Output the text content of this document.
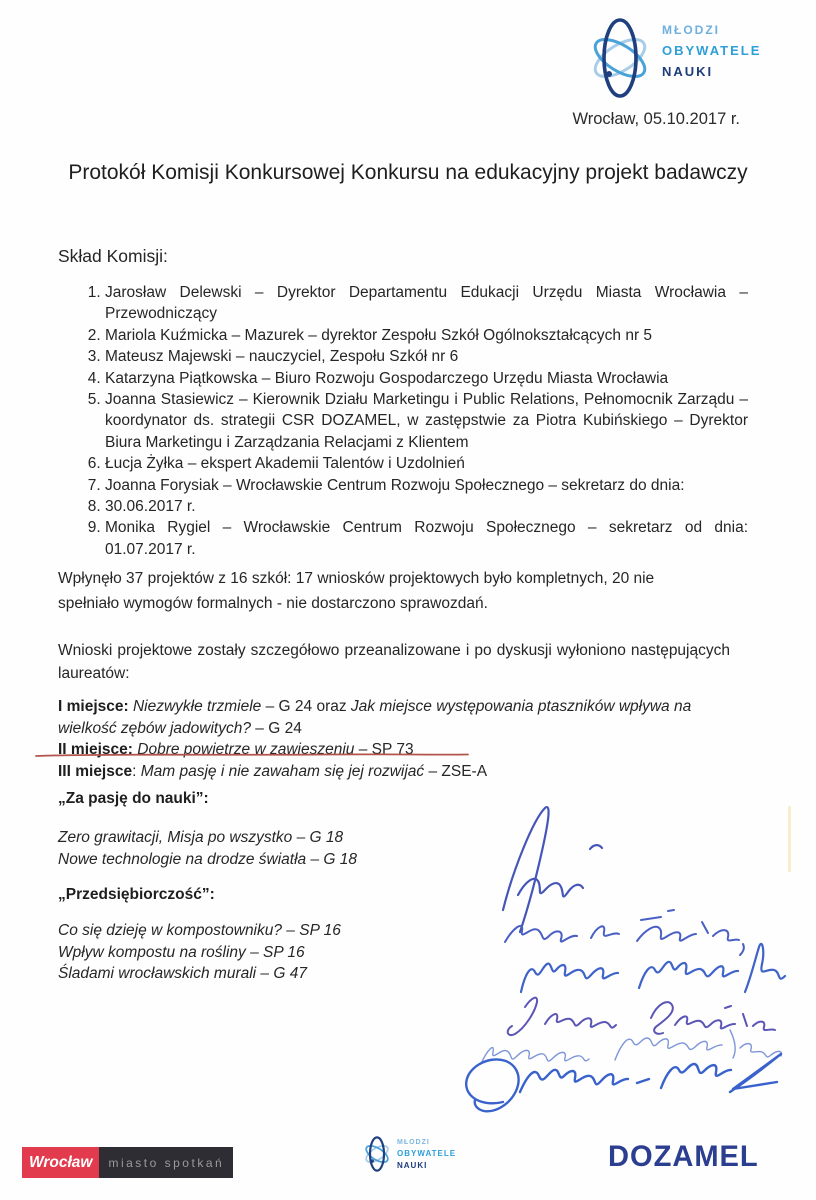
MŁODZI
OBYWATELE
NAUKI
Wrocław, 05.10.2017 r.
Protokół Komisji Konkursowej Konkursu na edukacyjny projekt badawczy
Skład Komisji:
1. Jarosław Delewski – Dyrektor Departamentu Edukacji Urzędu Miasta Wrocławia – Przewodniczący
2. Mariola Kuźmicka – Mazurek – dyrektor Zespołu Szkół Ogólnokształcących nr 5
3. Mateusz Majewski – nauczyciel, Zespołu Szkół nr 6
4. Katarzyna Piątkowska – Biuro Rozwoju Gospodarczego Urzędu Miasta Wrocławia
5. Joanna Stasiewicz – Kierownik Działu Marketingu i Public Relations, Pełnomocnik Zarządu – koordynator ds. strategii CSR DOZAMEL, w zastępstwie za Piotra Kubińskiego – Dyrektor Biura Marketingu i Zarządzania Relacjami z Klientem
6. Łucja Żyłka – ekspert Akademii Talentów i Uzdolnień
7. Joanna Forysiak – Wrocławskie Centrum Rozwoju Społecznego – sekretarz do dnia:
8. 30.06.2017 r.
9. Monika Rygiel – Wrocławskie Centrum Rozwoju Społecznego – sekretarz od dnia: 01.07.2017 r.
Wpłynęło 37 projektów z 16 szkół: 17 wniosków projektowych było kompletnych, 20 nie spełniało wymogów formalnych - nie dostarczono sprawozdań.
Wnioski projektowe zostały szczegółowo przeanalizowane i po dyskusji wyłoniono następujących laureatów:

I miejsce: Niezwykłe trzmiele – G 24 oraz Jak miejsce występowania ptaszników wpływa na wielkość zębów jadowitych? – G 24

II miejsce: Dobre powietrze w zawieszeniu – SP 73

III miejsce: Mam pasję i nie zawaham się jej rozwijać – ZSE-A

„Za pasję do nauki”:

Zero grawitacji, Misja po wszystko – G 18

Nowe technologie na drodze światła – G 18

„Przedsiębiorczość”:

Co się dzieję w kompostowniku? – SP 16

Wpływ kompostu na rośliny – SP 16

Śladami wrocławskich murali – G 47

Wrocław	miasto spotkań
MŁODZI
OBYWATELE
NAUKI	DOZAMEL
